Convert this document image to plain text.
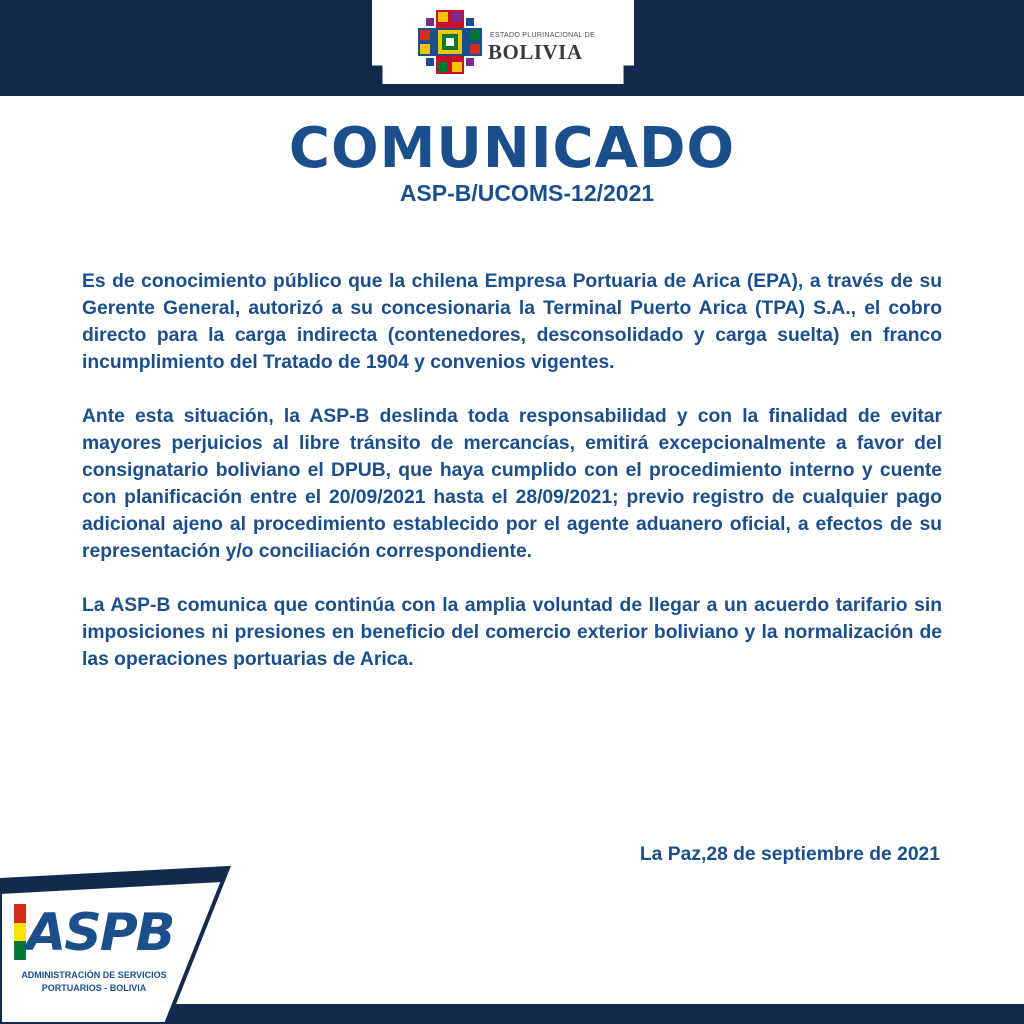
ESTADO PLURINACIONAL DE
BOLIVIA
COMUNICADO
ASP-B/UCOMS-12/2021

Es de conocimiento público que la chilena Empresa Portuaria de Arica (EPA), a través de su Gerente General, autorizó a su concesionaria la Terminal Puerto Arica (TPA) S.A., el cobro directo para la carga indirecta (contenedores, desconsolidado y carga suelta) en franco incumplimiento del Tratado de 1904 y convenios vigentes.

Ante esta situación, la ASP-B deslinda toda responsabilidad y con la finalidad de evitar mayores perjuicios al libre tránsito de mercancías, emitirá excepcionalmente a favor del consignatario boliviano el DPUB, que haya cumplido con el procedimiento interno y cuente con planificación entre el 20/09/2021 hasta el 28/09/2021; previo registro de cualquier pago adicional ajeno al procedimiento establecido por el agente aduanero oficial, a efectos de su representación y/o conciliación correspondiente.

La ASP-B comunica que continúa con la amplia voluntad de llegar a un acuerdo tarifario sin imposiciones ni presiones en beneficio del comercio exterior boliviano y la normalización de las operaciones portuarias de Arica.

La Paz,28 de septiembre de 2021
ASPB
ADMINISTRACIÓN DE SERVICIOS
PORTUARIOS - BOLIVIA
